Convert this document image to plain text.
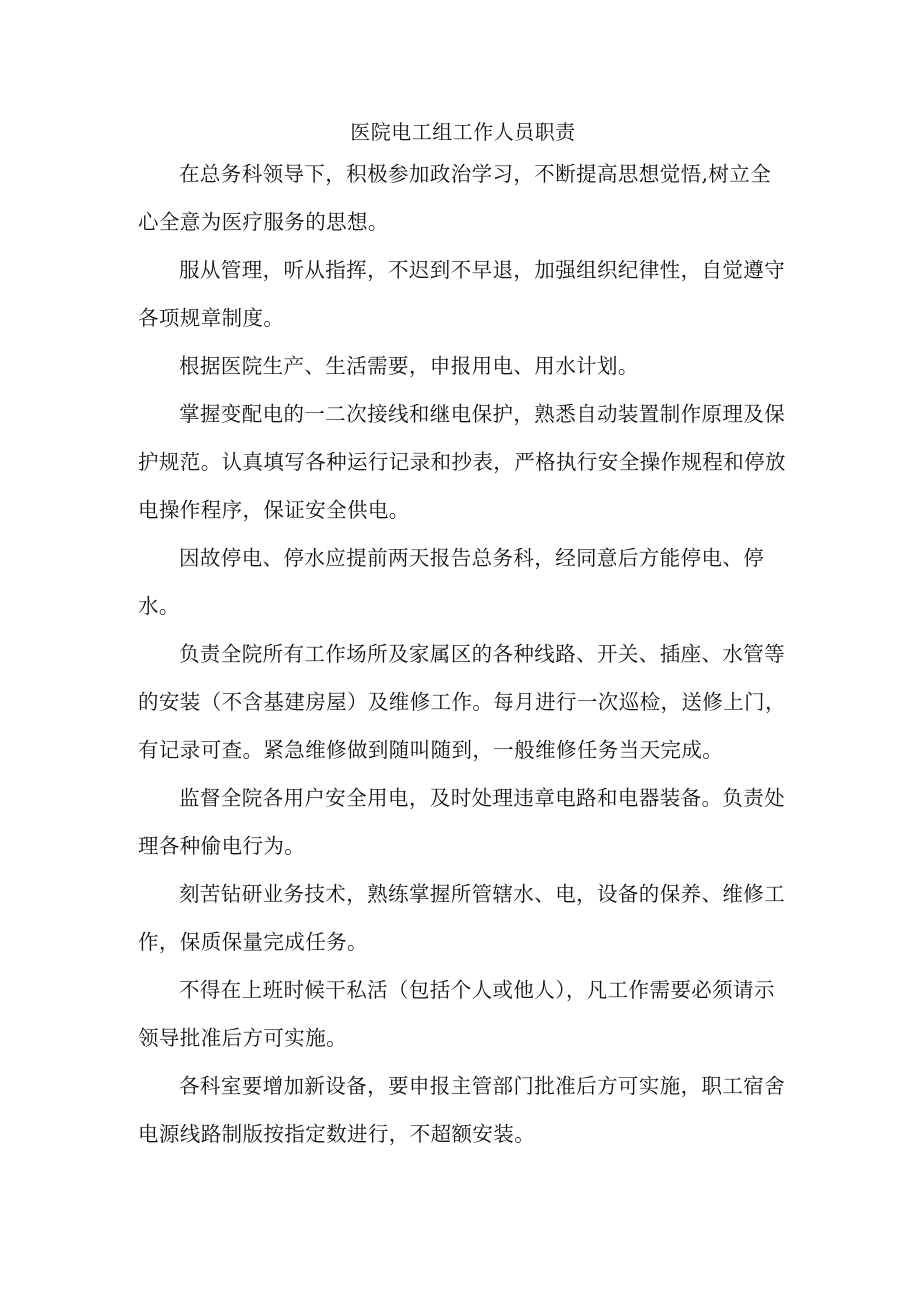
医院电工组工作人员职责

在总务科领导下，积极参加政治学习，不断提高思想觉悟,树立全心全意为医疗服务的思想。

服从管理，听从指挥，不迟到不早退，加强组织纪律性，自觉遵守各项规章制度。

根据医院生产、生活需要，申报用电、用水计划。

掌握变配电的一二次接线和继电保护，熟悉自动装置制作原理及保护规范。认真填写各种运行记录和抄表，严格执行安全操作规程和停放电操作程序，保证安全供电。

因故停电、停水应提前两天报告总务科，经同意后方能停电、停水。

负责全院所有工作场所及家属区的各种线路、开关、插座、水管等的安装（不含基建房屋）及维修工作。每月进行一次巡检，送修上门，有记录可查。紧急维修做到随叫随到，一般维修任务当天完成。

监督全院各用户安全用电，及时处理违章电路和电器装备。负责处理各种偷电行为。

刻苦钻研业务技术，熟练掌握所管辖水、电，设备的保养、维修工作，保质保量完成任务。

不得在上班时候干私活（包括个人或他人），凡工作需要必须请示领导批准后方可实施。

各科室要增加新设备，要申报主管部门批准后方可实施，职工宿舍电源线路制版按指定数进行，不超额安装。
